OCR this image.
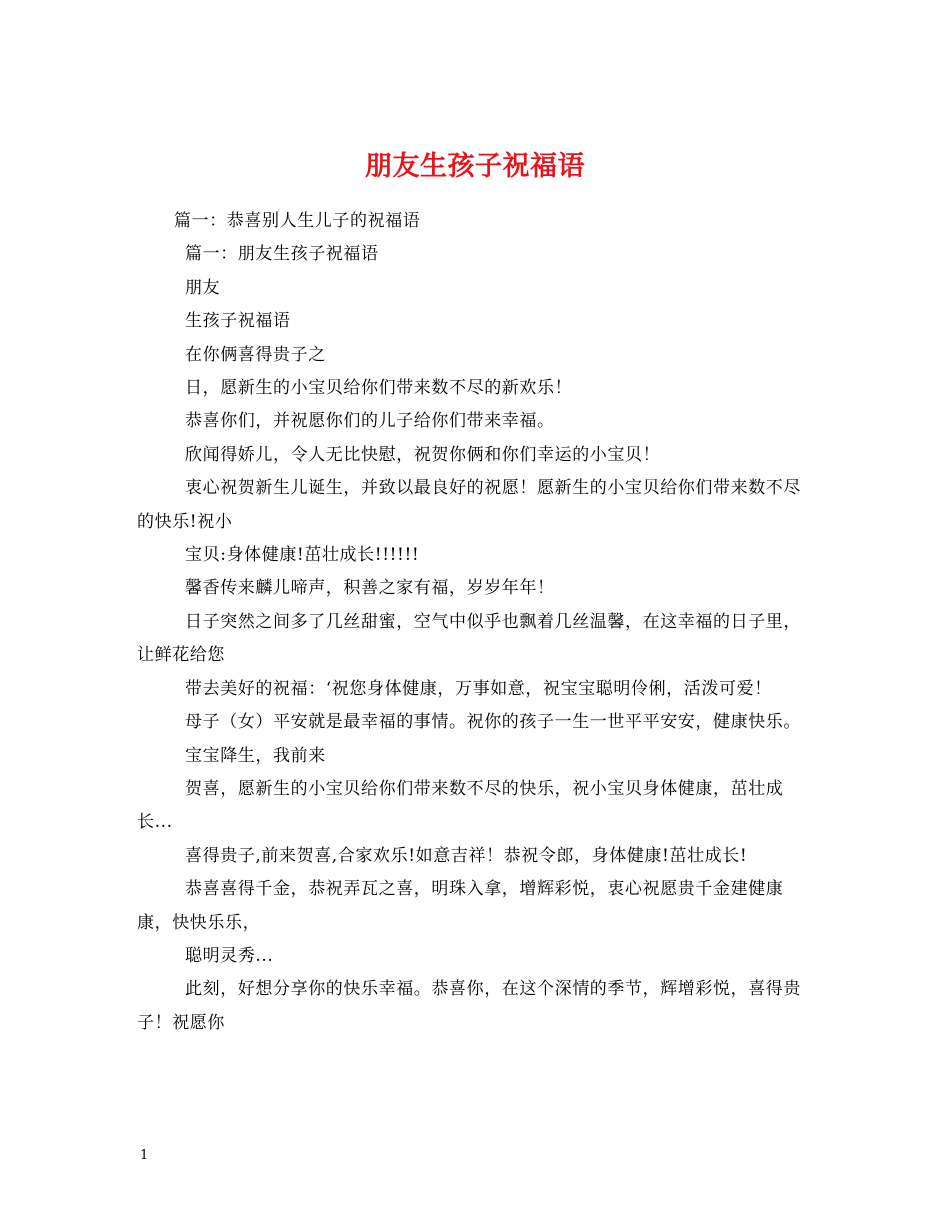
朋友生孩子祝福语

篇一：恭喜别人生儿子的祝福语

篇一：朋友生孩子祝福语

朋友

生孩子祝福语

在你俩喜得贵子之

日，愿新生的小宝贝给你们带来数不尽的新欢乐！

恭喜你们，并祝愿你们的儿子给你们带来幸福。

欣闻得娇儿，令人无比快慰，祝贺你俩和你们幸运的小宝贝！

衷心祝贺新生儿诞生，并致以最良好的祝愿！愿新生的小宝贝给你们带来数不尽的快乐!祝小

宝贝:身体健康!茁壮成长!!!!!!

馨香传来麟儿啼声，积善之家有福，岁岁年年！

日子突然之间多了几丝甜蜜，空气中似乎也飘着几丝温馨，在这幸福的日子里，让鲜花给您

带去美好的祝福：‘祝您身体健康，万事如意，祝宝宝聪明伶俐，活泼可爱！

母子（女）平安就是最幸福的事情。祝你的孩子一生一世平平安安，健康快乐。

宝宝降生，我前来

贺喜，愿新生的小宝贝给你们带来数不尽的快乐，祝小宝贝身体健康，茁壮成长...

喜得贵子,前来贺喜,合家欢乐!如意吉祥！恭祝令郎，身体健康!茁壮成长!

恭喜喜得千金，恭祝弄瓦之喜，明珠入拿，增辉彩悦，衷心祝愿贵千金建健康康，快快乐乐，

聪明灵秀...

此刻，好想分享你的快乐幸福。恭喜你，在这个深情的季节，辉增彩悦，喜得贵子！祝愿你

1
